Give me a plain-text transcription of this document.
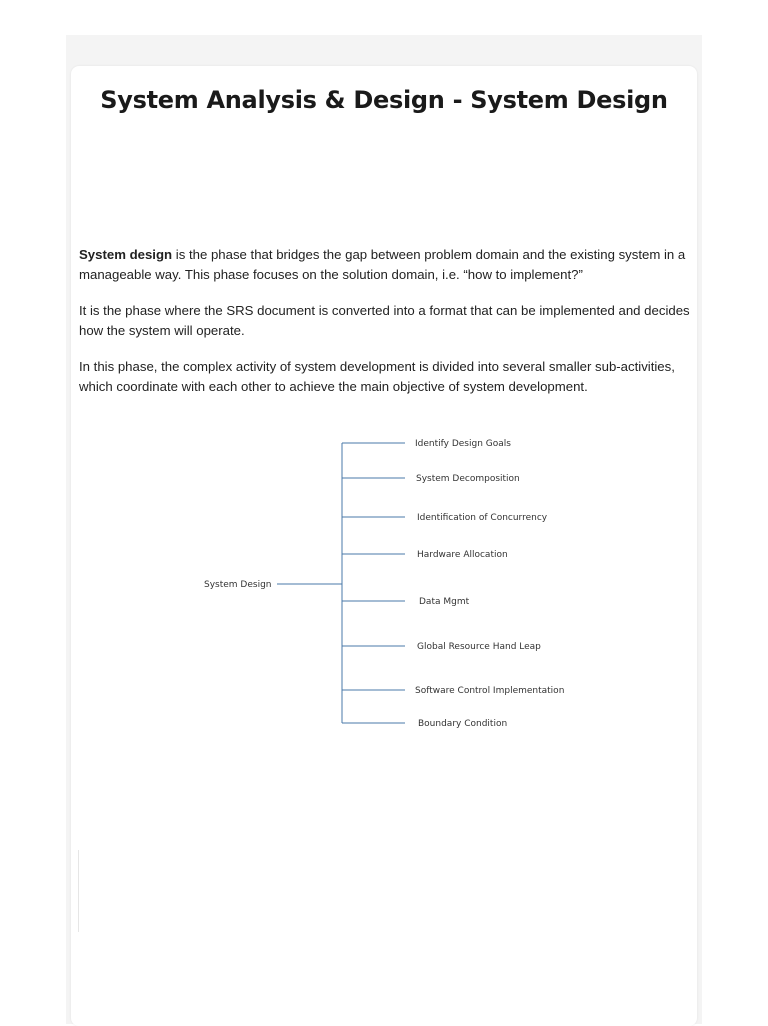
System Analysis & Design - System Design

System design is the phase that bridges the gap between problem domain and the existing system in a manageable way. This phase focuses on the solution domain, i.e. “how to implement?”

It is the phase where the SRS document is converted into a format that can be implemented and decides how the system will operate.

In this phase, the complex activity of system development is divided into several smaller sub-activities, which coordinate with each other to achieve the main objective of system development.

System Design
Identify Design Goals
System Decomposition
Identification of Concurrency
Hardware Allocation
Data Mgmt
Global Resource Hand Leap
Software Control Implementation
Boundary Condition
